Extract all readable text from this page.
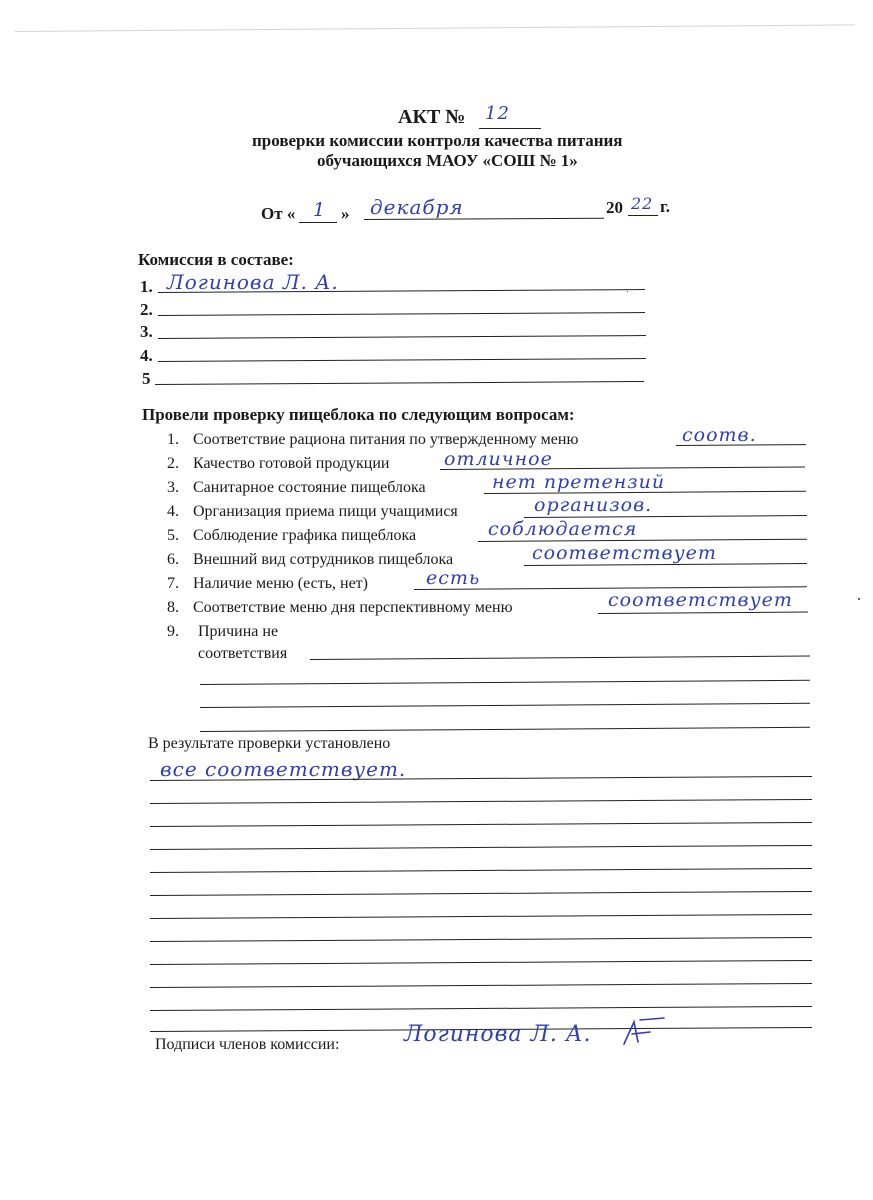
АКТ № 12
проверки комиссии контроля качества питания
обучающихся МАОУ «СОШ № 1»
От « 1 » декабря	20 22 г.
Комиссия в составе:
1. Логинова Л. А.
2.
3.
4.
5
Провели проверку пищеблока по следующим вопросам:
1. Соответствие рациона питания по утвержденному меню	соотв.
2. Качество готовой продукции	отличное
3. Санитарное состояние пищеблока	нет претензий
4. Организация приема пищи учащимися	организов.
5. Соблюдение графика пищеблока	соблюдается
6. Внешний вид сотрудников пищеблока	соответствует
7. Наличие меню (есть, нет)	есть
8. Соответствие меню дня перспективному меню	соответствует
9. Причина не
соответствия
В результате проверки установлено
все соответствует.
Подписи членов комиссии:	Логинова Л. А.
